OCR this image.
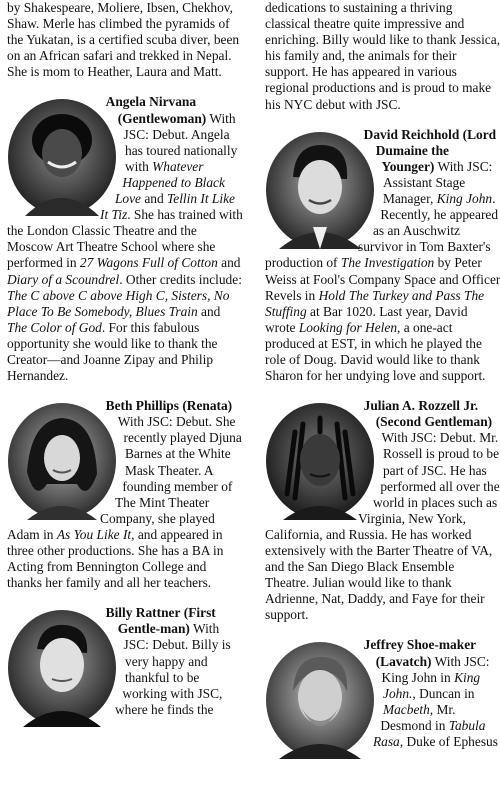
by Shakespeare, Moliere, Ibsen, Chekhov, Shaw. Merle has climbed the pyramids of the Yukatan, is a certified scuba diver, been on an African safari and trekked in Nepal. She is mom to Heather, Laura and Matt.

Angela Nirvana (Gentlewoman) With JSC: Debut. Angela has toured nationally with Whatever Happened to Black Love and Tellin It Like It Tiz. She has trained with the London Classic Theatre and the Moscow Art Theatre School where she performed in 27 Wagons Full of Cotton and Diary of a Scoundrel. Other credits include: The C above C above High C, Sisters, No Place To Be Somebody, Blues Train and The Color of God. For this fabulous opportunity she would like to thank the Creator—and Joanne Zipay and Philip Hernandez.

Beth Phillips (Renata) With JSC: Debut. She recently played Djuna Barnes at the White Mask Theater. A founding member of The Mint Theater Company, she played Adam in As You Like It, and appeared in three other productions. She has a BA in Acting from Bennington College and thanks her family and all her teachers.

Billy Rattner (First Gentle-man) With JSC: Debut. Billy is very happy and thankful to be working with JSC, where he finds the

dedications to sustaining a thriving classical theatre quite impressive and enriching. Billy would like to thank Jessica, his family and, the animals for their support. He has appeared in various regional productions and is proud to make his NYC debut with JSC.

David Reichhold (Lord Dumaine the Younger) With JSC: Assistant Stage Manager, King John. Recently, he appeared as an Auschwitz survivor in Tom Baxter's production of The Investigation by Peter Weiss at Fool's Company Space and Officer Revels in Hold The Turkey and Pass The Stuffing at Bar 1020. Last year, David wrote Looking for Helen, a one-act produced at EST, in which he played the role of Doug. David would like to thank Sharon for her undying love and support.

Julian A. Rozzell Jr. (Second Gentleman) With JSC: Debut. Mr. Rossell is proud to be part of JSC. He has performed all over the world in places such as Virginia, New York, California, and Russia. He has worked extensively with the Barter Theatre of VA, and the San Diego Black Ensemble Theatre. Julian would like to thank Adrienne, Nat, Daddy, and Faye for their support.

Jeffrey Shoe-maker (Lavatch) With JSC: King John in King John., Duncan in Macbeth, Mr. Desmond in Tabula Rasa, Duke of Ephesus
